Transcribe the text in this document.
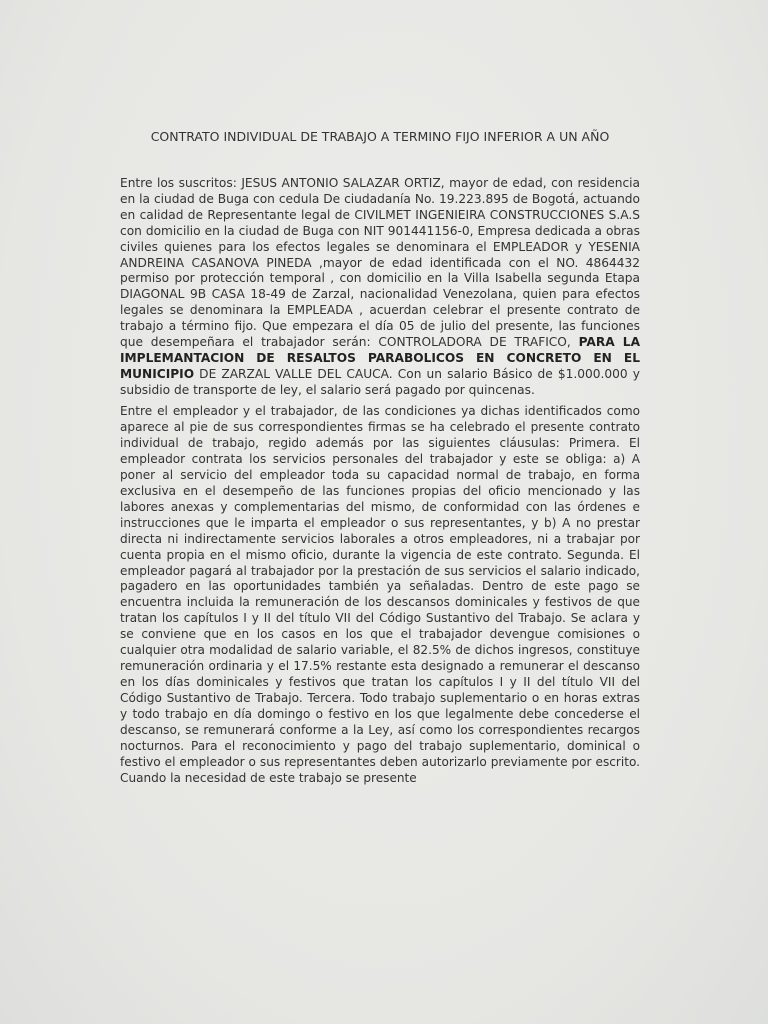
CONTRATO INDIVIDUAL DE TRABAJO A TERMINO FIJO INFERIOR A UN AÑO

Entre los suscritos: JESUS ANTONIO SALAZAR ORTIZ, mayor de edad, con residencia en la ciudad de Buga con cedula De ciudadanía No. 19.223.895 de Bogotá, actuando en calidad de Representante legal de CIVILMET INGENIEIRA CONSTRUCCIONES S.A.S con domicilio en la ciudad de Buga con NIT 901441156-0, Empresa dedicada a obras civiles quienes para los efectos legales se denominara el EMPLEADOR y YESENIA ANDREINA CASANOVA PINEDA ,mayor de edad identificada con el NO. 4864432 permiso por protección temporal , con domicilio en la Villa Isabella segunda Etapa DIAGONAL 9B CASA 18-49 de Zarzal, nacionalidad Venezolana, quien para efectos legales se denominara la EMPLEADA , acuerdan celebrar el presente contrato de trabajo a término fijo. Que empezara el día 05 de julio del presente, las funciones que desempeñara el trabajador serán: CONTROLADORA DE TRAFICO, PARA LA IMPLEMANTACION DE RESALTOS PARABOLICOS EN CONCRETO EN EL MUNICIPIO DE ZARZAL VALLE DEL CAUCA. Con un salario Básico de $1.000.000 y subsidio de transporte de ley, el salario será pagado por quincenas.

Entre el empleador y el trabajador, de las condiciones ya dichas identificados como aparece al pie de sus correspondientes firmas se ha celebrado el presente contrato individual de trabajo, regido además por las siguientes cláusulas: Primera. El empleador contrata los servicios personales del trabajador y este se obliga: a) A poner al servicio del empleador toda su capacidad normal de trabajo, en forma exclusiva en el desempeño de las funciones propias del oficio mencionado y las labores anexas y complementarias del mismo, de conformidad con las órdenes e instrucciones que le imparta el empleador o sus representantes, y b) A no prestar directa ni indirectamente servicios laborales a otros empleadores, ni a trabajar por cuenta propia en el mismo oficio, durante la vigencia de este contrato. Segunda. El empleador pagará al trabajador por la prestación de sus servicios el salario indicado, pagadero en las oportunidades también ya señaladas. Dentro de este pago se encuentra incluida la remuneración de los descansos dominicales y festivos de que tratan los capítulos I y II del título VII del Código Sustantivo del Trabajo. Se aclara y se conviene que en los casos en los que el trabajador devengue comisiones o cualquier otra modalidad de salario variable, el 82.5% de dichos ingresos, constituye remuneración ordinaria y el 17.5% restante esta designado a remunerar el descanso en los días dominicales y festivos que tratan los capítulos I y II del título VII del Código Sustantivo de Trabajo. Tercera. Todo trabajo suplementario o en horas extras y todo trabajo en día domingo o festivo en los que legalmente debe concederse el descanso, se remunerará conforme a la Ley, así como los correspondientes recargos nocturnos. Para el reconocimiento y pago del trabajo suplementario, dominical o festivo el empleador o sus representantes deben autorizarlo previamente por escrito. Cuando la necesidad de este trabajo se presente
